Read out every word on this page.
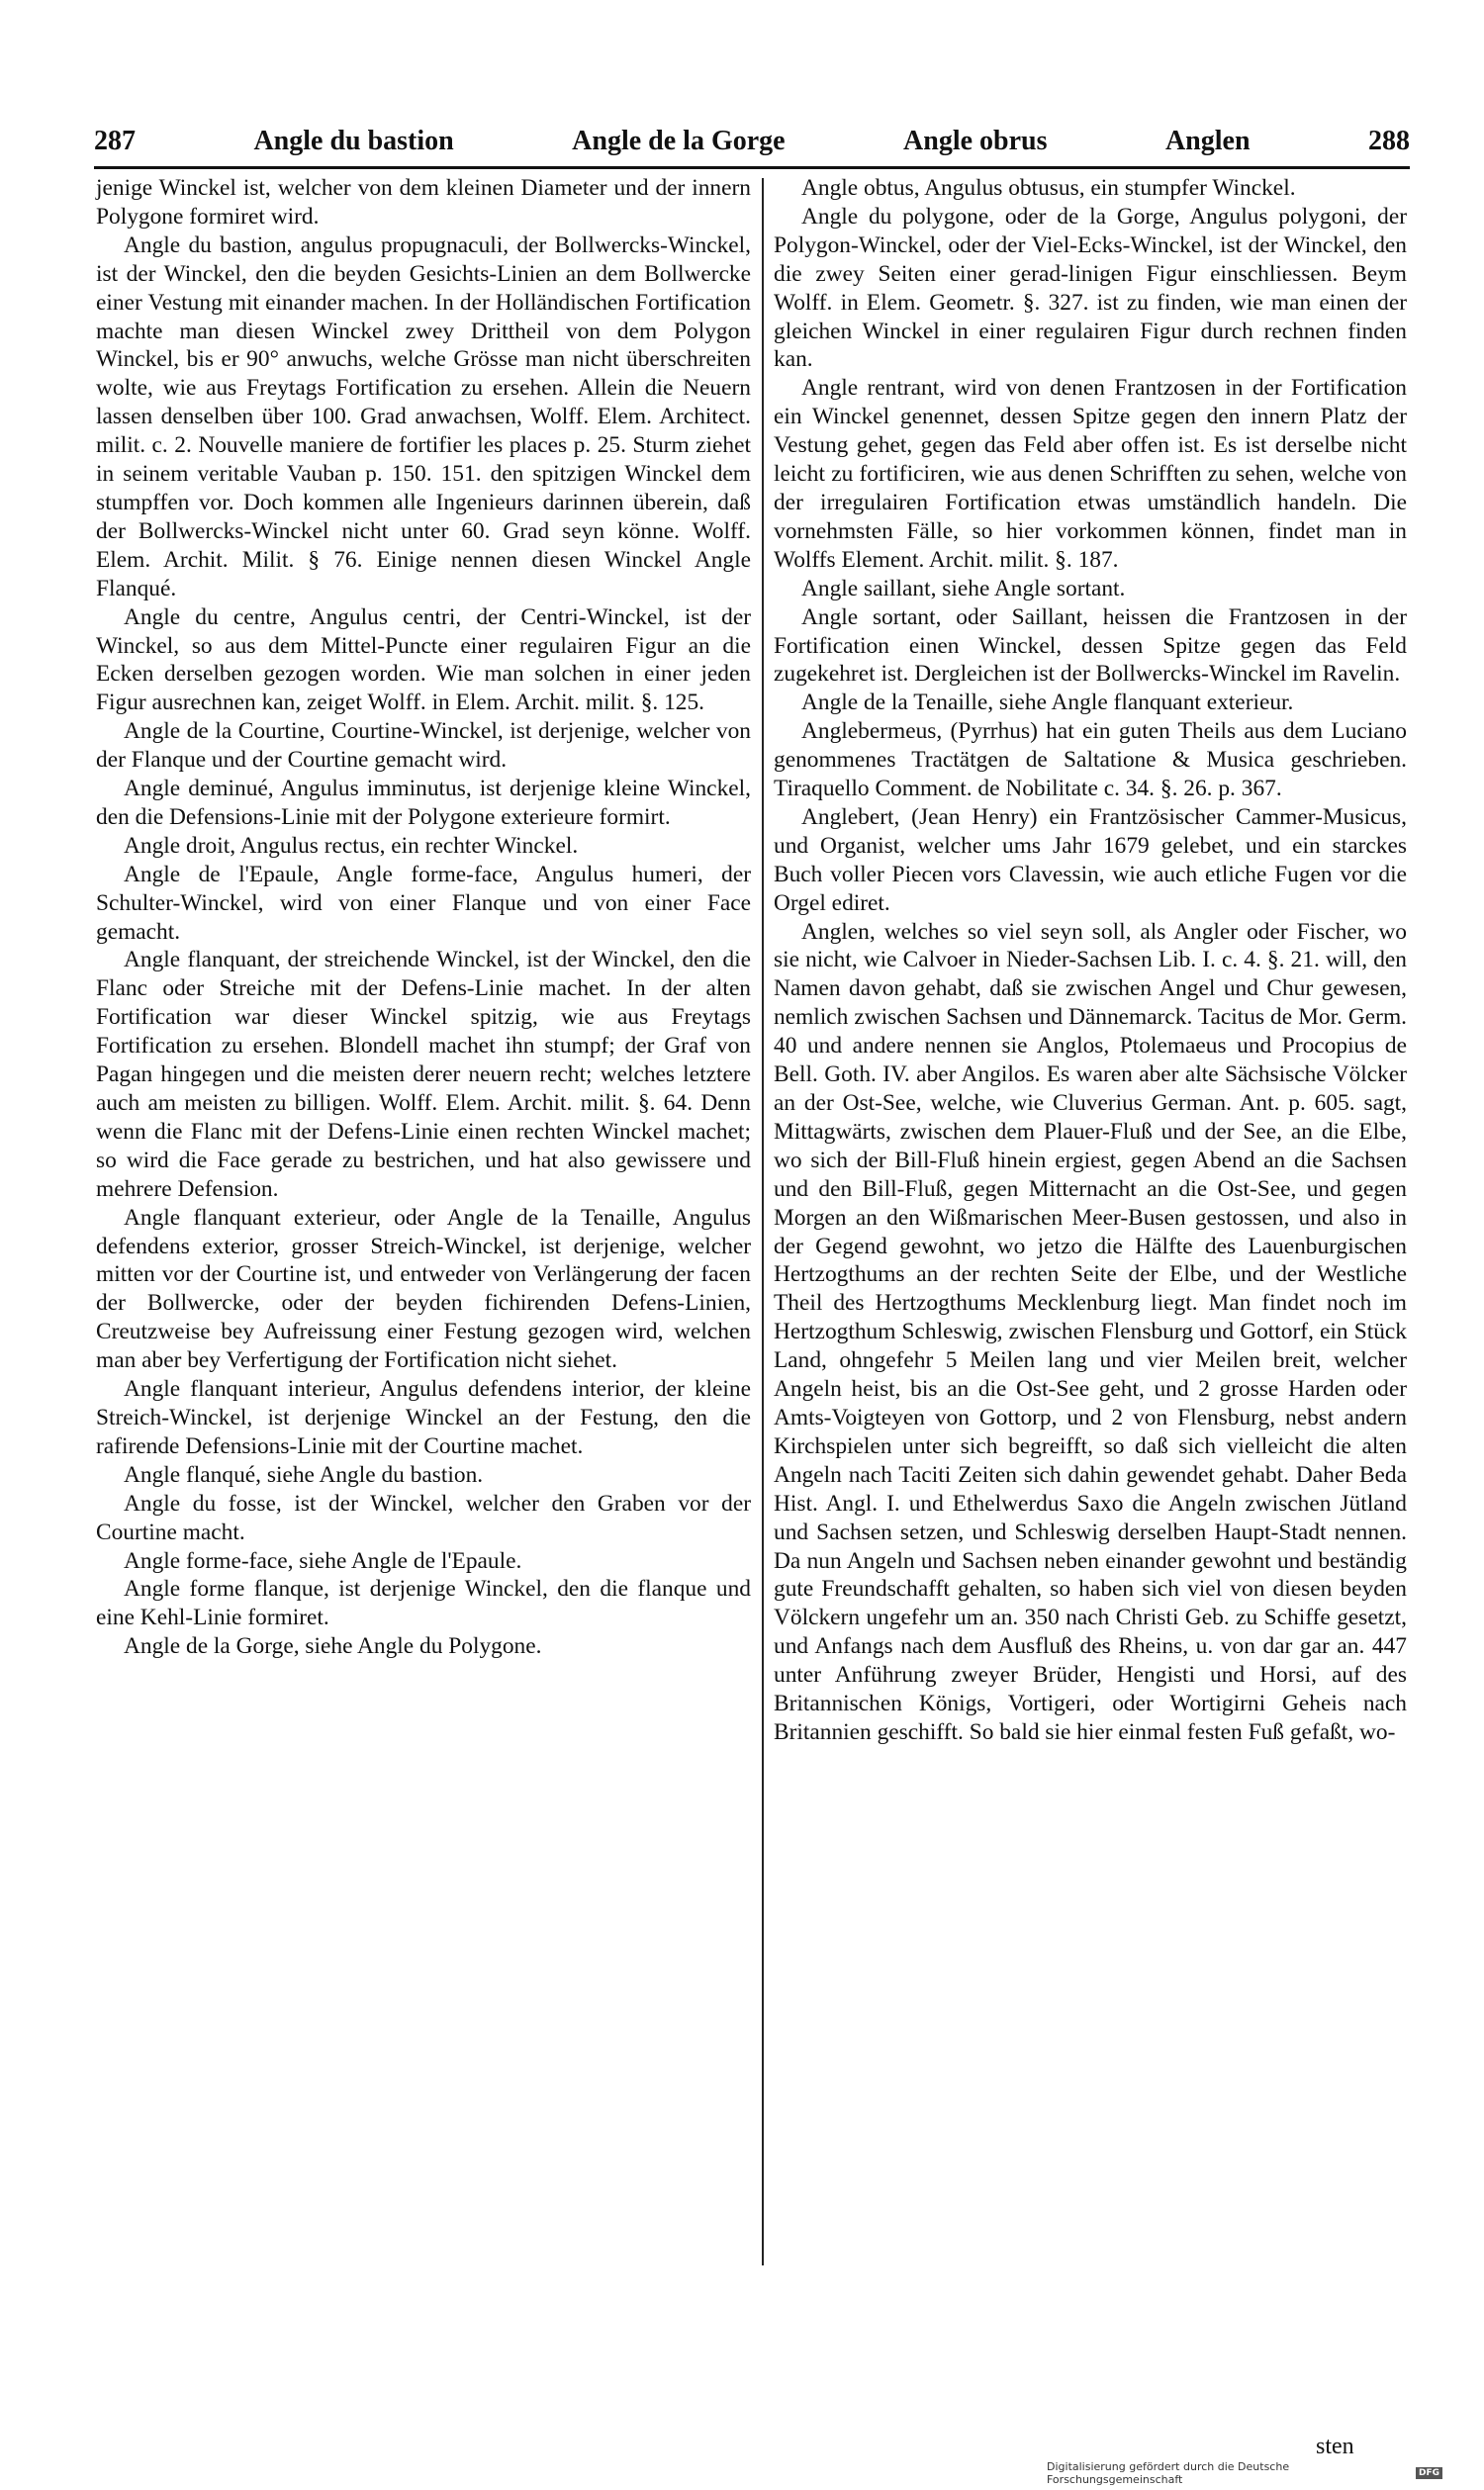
287	Angle du bastion	Angle de la Gorge	Angle obrus	Anglen	288

jenige Winckel ist, welcher von dem kleinen Diameter und der innern Polygone formiret wird.

Angle du bastion, angulus propugnaculi, der Bollwercks-Winckel, ist der Winckel, den die beyden Gesichts-Linien an dem Bollwercke einer Vestung mit einander machen. In der Holländischen Fortification machte man diesen Winckel zwey Drittheil von dem Polygon Winckel, bis er 90° anwuchs, welche Grösse man nicht überschreiten wolte, wie aus Freytags Fortification zu ersehen. Allein die Neuern lassen denselben über 100. Grad anwachsen, Wolff. Elem. Architect. milit. c. 2. Nouvelle maniere de fortifier les places p. 25. Sturm ziehet in seinem veritable Vauban p. 150. 151. den spitzigen Winckel dem stumpffen vor. Doch kommen alle Ingenieurs darinnen überein, daß der Bollwercks-Winckel nicht unter 60. Grad seyn könne. Wolff. Elem. Archit. Milit. § 76. Einige nennen diesen Winckel Angle Flanqué.

Angle du centre, Angulus centri, der Centri-Winckel, ist der Winckel, so aus dem Mittel-Puncte einer regulairen Figur an die Ecken derselben gezogen worden. Wie man solchen in einer jeden Figur ausrechnen kan, zeiget Wolff. in Elem. Archit. milit. §. 125.

Angle de la Courtine, Courtine-Winckel, ist derjenige, welcher von der Flanque und der Courtine gemacht wird.

Angle deminué, Angulus imminutus, ist derjenige kleine Winckel, den die Defensions-Linie mit der Polygone exterieure formirt.

Angle droit, Angulus rectus, ein rechter Winckel.

Angle de l'Epaule, Angle forme-face, Angulus humeri, der Schulter-Winckel, wird von einer Flanque und von einer Face gemacht.

Angle flanquant, der streichende Winckel, ist der Winckel, den die Flanc oder Streiche mit der Defens-Linie machet. In der alten Fortification war dieser Winckel spitzig, wie aus Freytags Fortification zu ersehen. Blondell machet ihn stumpf; der Graf von Pagan hingegen und die meisten derer neuern recht; welches letztere auch am meisten zu billigen. Wolff. Elem. Archit. milit. §. 64. Denn wenn die Flanc mit der Defens-Linie einen rechten Winckel machet; so wird die Face gerade zu bestrichen, und hat also gewissere und mehrere Defension.

Angle flanquant exterieur, oder Angle de la Tenaille, Angulus defendens exterior, grosser Streich-Winckel, ist derjenige, welcher mitten vor der Courtine ist, und entweder von Verlängerung der facen der Bollwercke, oder der beyden fichirenden Defens-Linien, Creutzweise bey Aufreissung einer Festung gezogen wird, welchen man aber bey Verfertigung der Fortification nicht siehet.

Angle flanquant interieur, Angulus defendens interior, der kleine Streich-Winckel, ist derjenige Winckel an der Festung, den die rafirende Defensions-Linie mit der Courtine machet.

Angle flanqué, siehe Angle du bastion.

Angle du fosse, ist der Winckel, welcher den Graben vor der Courtine macht.

Angle forme-face, siehe Angle de l'Epaule.

Angle forme flanque, ist derjenige Winckel, den die flanque und eine Kehl-Linie formiret.

Angle de la Gorge, siehe Angle du Polygone.

Angle obtus, Angulus obtusus, ein stumpfer Winckel.

Angle du polygone, oder de la Gorge, Angulus polygoni, der Polygon-Winckel, oder der Viel-Ecks-Winckel, ist der Winckel, den die zwey Seiten einer gerad-linigen Figur einschliessen. Beym Wolff. in Elem. Geometr. §. 327. ist zu finden, wie man einen der gleichen Winckel in einer regulairen Figur durch rechnen finden kan.

Angle rentrant, wird von denen Frantzosen in der Fortification ein Winckel genennet, dessen Spitze gegen den innern Platz der Vestung gehet, gegen das Feld aber offen ist. Es ist derselbe nicht leicht zu fortificiren, wie aus denen Schrifften zu sehen, welche von der irregulairen Fortification etwas umständlich handeln. Die vornehmsten Fälle, so hier vorkommen können, findet man in Wolffs Element. Archit. milit. §. 187.

Angle saillant, siehe Angle sortant.

Angle sortant, oder Saillant, heissen die Frantzosen in der Fortification einen Winckel, dessen Spitze gegen das Feld zugekehret ist. Dergleichen ist der Bollwercks-Winckel im Ravelin.

Angle de la Tenaille, siehe Angle flanquant exterieur.

Anglebermeus, (Pyrrhus) hat ein guten Theils aus dem Luciano genommenes Tractätgen de Saltatione & Musica geschrieben. Tiraquello Comment. de Nobilitate c. 34. §. 26. p. 367.

Anglebert, (Jean Henry) ein Frantzösischer Cammer-Musicus, und Organist, welcher ums Jahr 1679 gelebet, und ein starckes Buch voller Piecen vors Clavessin, wie auch etliche Fugen vor die Orgel ediret.

Anglen, welches so viel seyn soll, als Angler oder Fischer, wo sie nicht, wie Calvoer in Nieder-Sachsen Lib. I. c. 4. §. 21. will, den Namen davon gehabt, daß sie zwischen Angel und Chur gewesen, nemlich zwischen Sachsen und Dännemarck. Tacitus de Mor. Germ. 40 und andere nennen sie Anglos, Ptolemaeus und Procopius de Bell. Goth. IV. aber Angilos. Es waren aber alte Sächsische Völcker an der Ost-See, welche, wie Cluverius German. Ant. p. 605. sagt, Mittagwärts, zwischen dem Plauer-Fluß und der See, an die Elbe, wo sich der Bill-Fluß hinein ergiest, gegen Abend an die Sachsen und den Bill-Fluß, gegen Mitternacht an die Ost-See, und gegen Morgen an den Wißmarischen Meer-Busen gestossen, und also in der Gegend gewohnt, wo jetzo die Hälfte des Lauenburgischen Hertzogthums an der rechten Seite der Elbe, und der Westliche Theil des Hertzogthums Mecklenburg liegt. Man findet noch im Hertzogthum Schleswig, zwischen Flensburg und Gottorf, ein Stück Land, ohngefehr 5 Meilen lang und vier Meilen breit, welcher Angeln heist, bis an die Ost-See geht, und 2 grosse Harden oder Amts-Voigteyen von Gottorp, und 2 von Flensburg, nebst andern Kirchspielen unter sich begreifft, so daß sich vielleicht die alten Angeln nach Taciti Zeiten sich dahin gewendet gehabt. Daher Beda Hist. Angl. I. und Ethelwerdus Saxo die Angeln zwischen Jütland und Sachsen setzen, und Schleswig derselben Haupt-Stadt nennen. Da nun Angeln und Sachsen neben einander gewohnt und beständig gute Freundschafft gehalten, so haben sich viel von diesen beyden Völckern ungefehr um an. 350 nach Christi Geb. zu Schiffe gesetzt, und Anfangs nach dem Ausfluß des Rheins, u. von dar gar an. 447 unter Anführung zweyer Brüder, Hengisti und Horsi, auf des Britannischen Königs, Vortigeri, oder Wortigirni Geheis nach Britannien geschifft. So bald sie hier einmal festen Fuß gefaßt, wo-

sten
Digitalisierung gefördert durch die Deutsche Forschungsgemeinschaft	DFG
